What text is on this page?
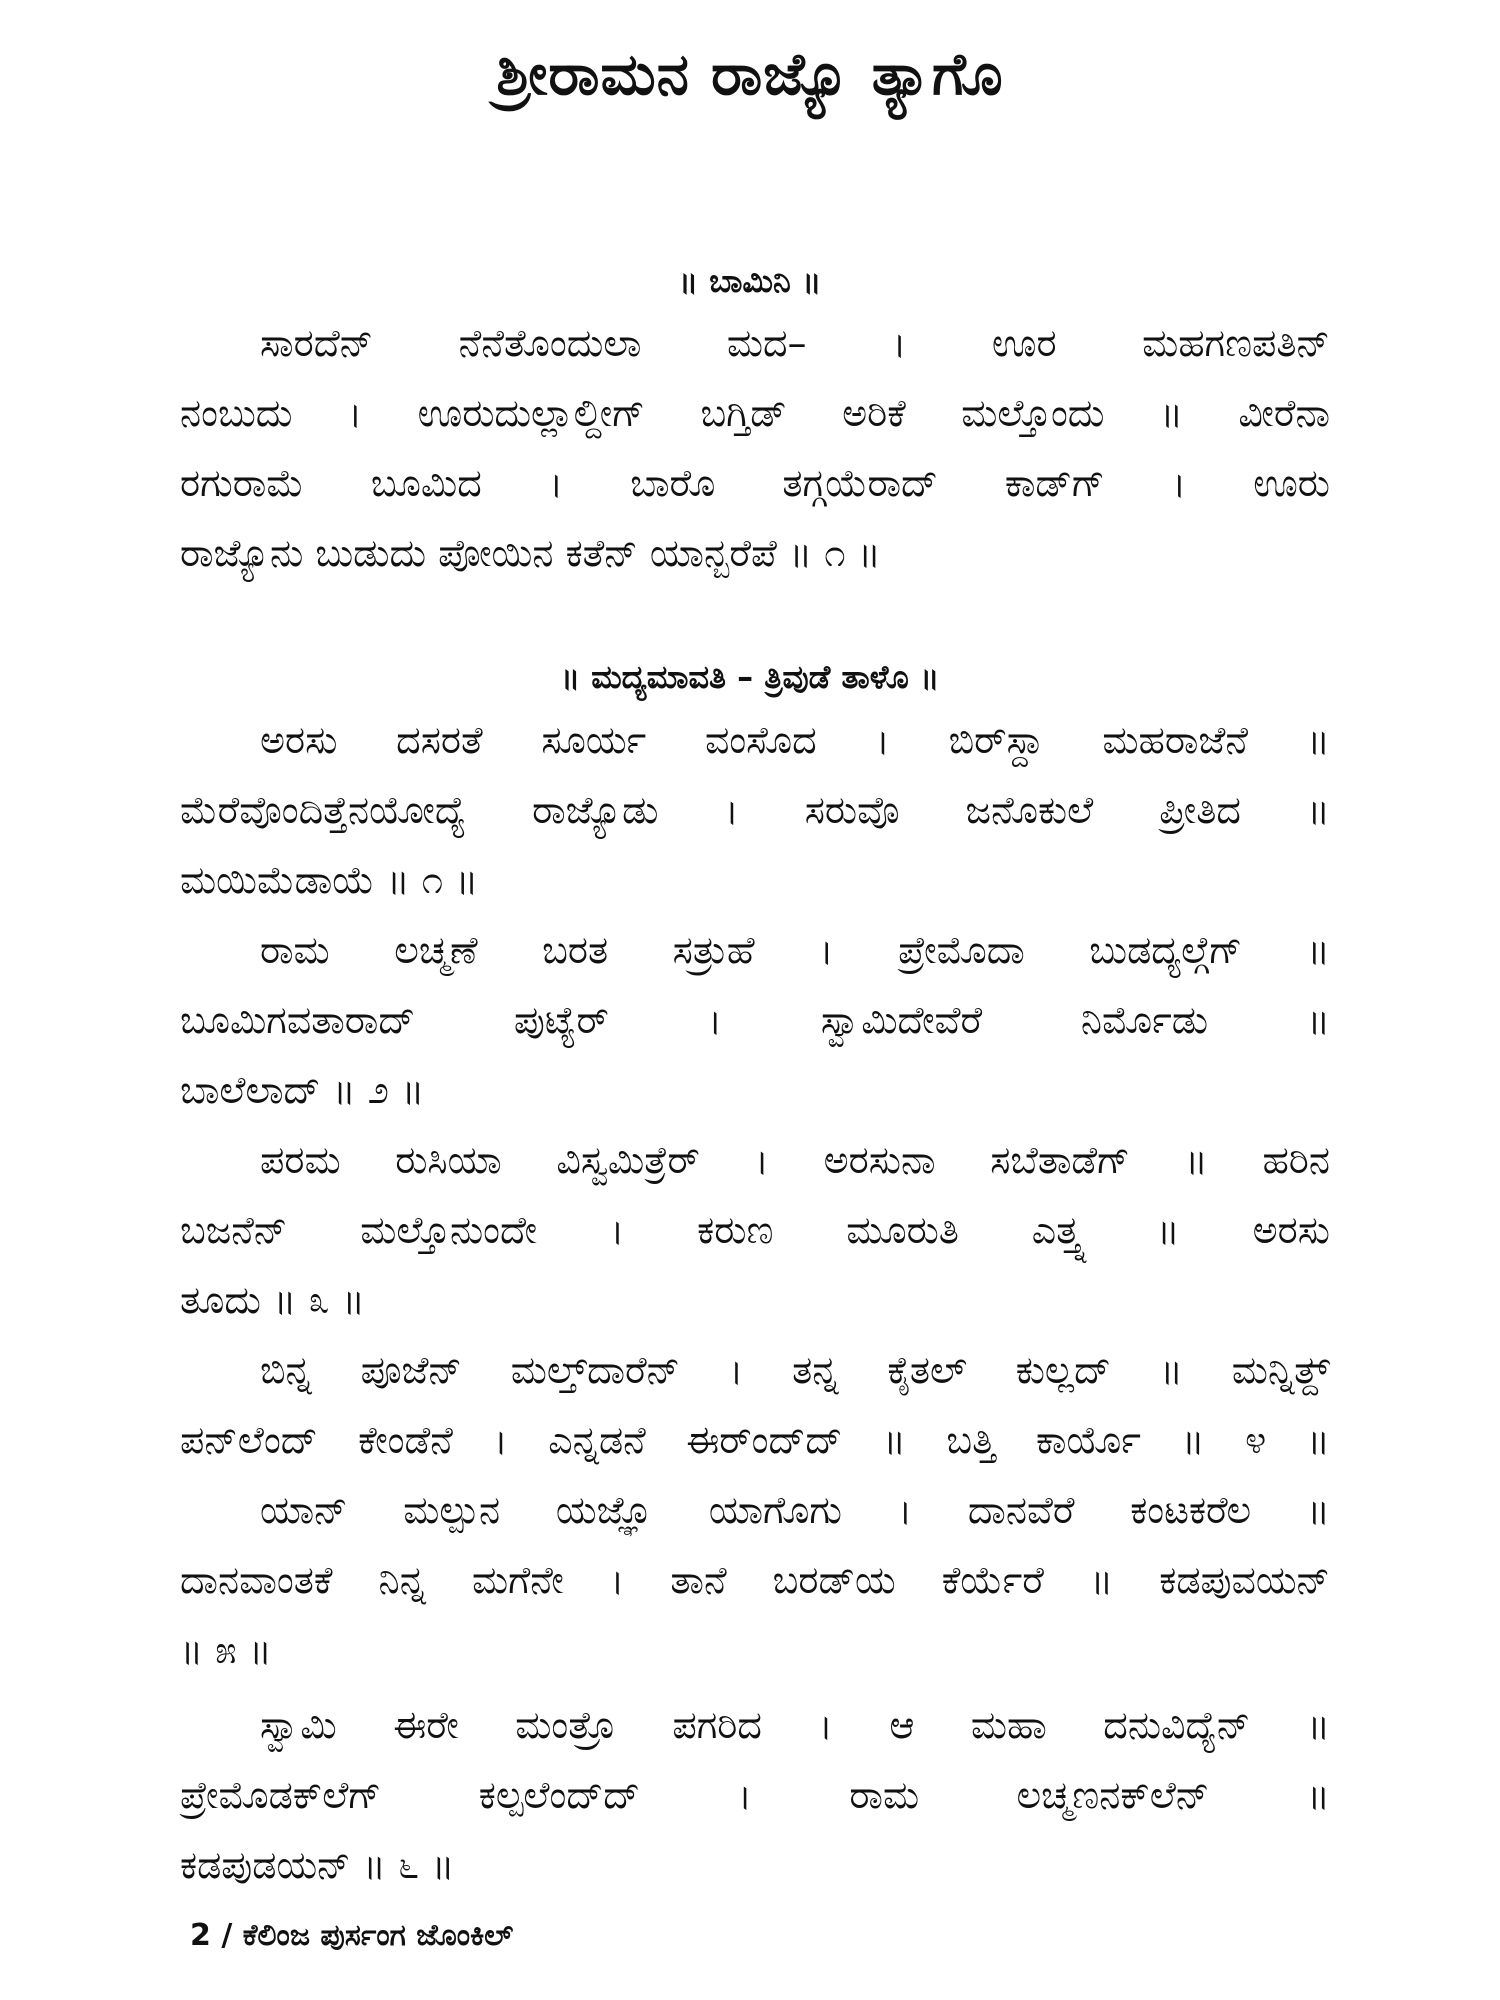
ಶ್ರೀರಾಮನ ರಾಜ್ಯೊ ತ್ಯಾಗೊ
॥ ಬಾಮಿನಿ ॥
ಸಾರದೆನ್ ನೆನೆತೊಂದುಲಾ ಮದ– । ಊರ ಮಹಗಣಪತಿನ್
ನಂಬುದು । ಊರುದುಲ್ಲಾಲ್ದೀಗ್ ಬಗ್ತಿಡ್ ಅರಿಕೆ ಮಲ್ತೊಂದು ॥ ವೀರೆನಾ
ರಗುರಾಮೆ ಬೂಮಿದ । ಬಾರೊ ತಗ್ಗಯೆರಾದ್ ಕಾಡ್‌ಗ್ । ಊರು
ರಾಜ್ಯೊನು ಬುಡುದು ಪೋಯಿನ ಕತೆನ್ ಯಾನ್ಬರೆಪೆ ॥ ೧ ॥
॥ ಮದ್ಯಮಾವತಿ – ತ್ರಿವುಡೆ ತಾಳೊ ॥
ಅರಸು ದಸರತೆ ಸೂರ್ಯ ವಂಸೊದ । ಬಿರ್‌ಸ್ದಾ ಮಹರಾಜೆನೆ ॥
ಮೆರೆವೊಂದಿತ್ತೆನಯೋದ್ಯೆ ರಾಜ್ಯೊಡು । ಸರುವೊ ಜನೊಕುಲೆ ಪ್ರೀತಿದ ॥
ಮಯಿಮೆಡಾಯೆ ॥ ೧ ॥
ರಾಮ ಲಚ್ಮಣೆ ಬರತ ಸತ್ರುಹೆ । ಪ್ರೇಮೊದಾ ಬುಡದ್ಯಲ್ಗೆಗ್ ॥
ಬೂಮಿಗವತಾರಾದ್ ಪುಟ್ಯೆರ್ । ಸ್ವಾಮಿದೇವೆರೆ ನಿರ್ಮೊಡು ॥
ಬಾಲೆಲಾದ್ ॥ ೨ ॥
ಪರಮ ರುಸಿಯಾ ವಿಸ್ವಮಿತ್ರೆರ್ । ಅರಸುನಾ ಸಬೆತಾಡೆಗ್ ॥ ಹರಿನ
ಬಜನೆನ್ ಮಲ್ತೊನುಂದೇ । ಕರುಣ ಮೂರುತಿ ಎತ್ತ್ನ ॥ ಅರಸು
ತೂದು ॥ ೩ ॥
ಬಿನ್ನ ಪೂಜೆನ್ ಮಲ್ತ್‌ದಾರೆನ್ । ತನ್ನ ಕೈತಲ್ ಕುಲ್ಲದ್ ॥ ಮನ್ನಿತ್ದ್
ಪನ್‌ಲೆಂದ್ ಕೇಂಡೆನೆ । ಎನ್ನಡನೆ ಈರ್‌ಂದ್‌ದ್ ॥ ಬತ್ತಿ ಕಾರ್ಯೊ ॥ ೪ ॥
ಯಾನ್ ಮಲ್ಪುನ ಯಜ್ಞೊ ಯಾಗೊಗು । ದಾನವೆರೆ ಕಂಟಕರೆಲ ॥
ದಾನವಾಂತಕೆ ನಿನ್ನ ಮಗೆನೇ । ತಾನೆ ಬರಡ್‌ಯ ಕೆರ್ಯೆರೆ ॥ ಕಡಪುವಯನ್
॥ ೫ ॥
ಸ್ವಾಮಿ ಈರೇ ಮಂತ್ರೊ ಪಗರಿದ । ಆ ಮಹಾ ದನುವಿದ್ಯೆನ್ ॥
ಪ್ರೇಮೊಡಕ್‌ಲೆಗ್ ಕಲ್ಪಲೆಂದ್‌ದ್ । ರಾಮ ಲಚ್ಮಣನಕ್‌ಲೆನ್ ॥
ಕಡಪುಡಯನ್ ॥ ೬ ॥
2 / ಕೆಲಿಂಜ ಪುರ್ಸಂಗ ಜೊಂಕಿಲ್
